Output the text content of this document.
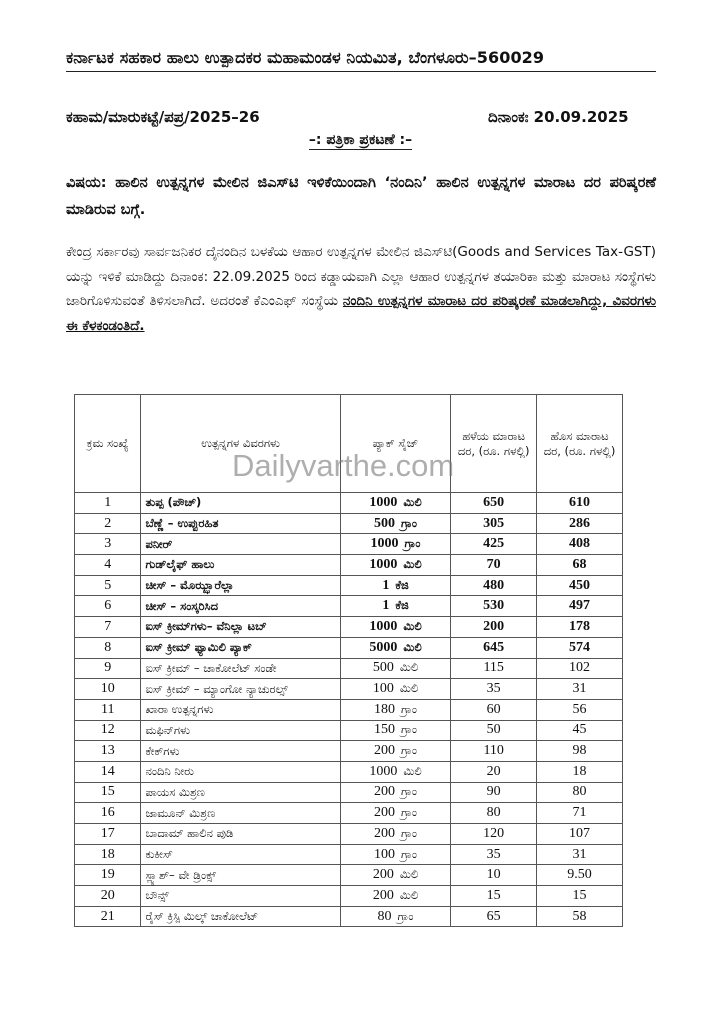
ಕರ್ನಾಟಕ ಸಹಕಾರ ಹಾಲು ಉತ್ಪಾದಕರ ಮಹಾಮಂಡಳ ನಿಯಮಿತ, ಬೆಂಗಳೂರು–560029
ಕಹಾಮ/ಮಾರುಕಟ್ಟೆ/ಪಪ್ರ/2025–26	ದಿನಾಂಕಃ 20.09.2025
–: ಪತ್ರಿಕಾ ಪ್ರಕಟಣೆ :–
ವಿಷಯ: ಹಾಲಿನ ಉತ್ಪನ್ನಗಳ ಮೇಲಿನ ಜಿಎಸ್‌ಟಿ ಇಳಿಕೆಯಿಂದಾಗಿ ‘ನಂದಿನಿ’ ಹಾಲಿನ ಉತ್ಪನ್ನಗಳ ಮಾರಾಟ ದರ ಪರಿಷ್ಕರಣೆ ಮಾಡಿರುವ ಬಗ್ಗೆ.
ಕೇಂದ್ರ ಸರ್ಕಾರವು ಸಾರ್ವಜನಿಕರ ದೈನಂದಿನ ಬಳಕೆಯ ಆಹಾರ ಉತ್ಪನ್ನಗಳ ಮೇಲಿನ ಜಿಎಸ್‌ಟಿ(Goods and Services Tax-GST) ಯನ್ನು ಇಳಿಕೆ ಮಾಡಿದ್ದು ದಿನಾಂಕ: 22.09.2025 ರಿಂದ ಕಡ್ಡಾಯವಾಗಿ ಎಲ್ಲಾ ಆಹಾರ ಉತ್ಪನ್ನಗಳ ತಯಾರಿಕಾ ಮತ್ತು ಮಾರಾಟ ಸಂಸ್ಥೆಗಳು ಜಾರಿಗೊಳಿಸುವಂತೆ ತಿಳಿಸಲಾಗಿದೆ. ಅದರಂತೆ ಕೆಎಂಎಫ್ ಸಂಸ್ಥೆಯ ನಂದಿನಿ ಉತ್ಪನ್ನಗಳ ಮಾರಾಟ ದರ ಪರಿಷ್ಕರಣೆ ಮಾಡಲಾಗಿದ್ದು, ವಿವರಗಳು ಈ ಕೆಳಕಂಡಂತಿದೆ.
ಕ್ರಮ ಸಂಖ್ಯೆ	ಉತ್ಪನ್ನಗಳ ವಿವರಗಳು	ಪ್ಯಾಕ್ ಸೈಜ್	ಹಳೆಯ ಮಾರಾಟ ದರ, (ರೂ. ಗಳಲ್ಲಿ)	ಹೊಸ ಮಾರಾಟ ದರ, (ರೂ. ಗಳಲ್ಲಿ)
1	ತುಪ್ಪ (ಪೌಚ್)	1000 ಮಿಲಿ	650	610
2	ಬೆಣ್ಣೆ – ಉಪ್ಪುರಹಿತ	500 ಗ್ರಾಂ	305	286
3	ಪನೀರ್	1000 ಗ್ರಾಂ	425	408
4	ಗುಡ್‌ಲೈಫ್ ಹಾಲು	1000 ಮಿಲಿ	70	68
5	ಚೀಸ್ – ಮೊಝ್ಝಾರೆಲ್ಲಾ	1 ಕೆಜಿ	480	450
6	ಚೀಸ್ – ಸಂಸ್ಕರಿಸಿದ	1 ಕೆಜಿ	530	497
7	ಐಸ್ ಕ್ರೀಮ್‌ಗಳು– ವೆನಿಲ್ಲಾ ಟಬ್	1000 ಮಿಲಿ	200	178
8	ಐಸ್ ಕ್ರೀಮ್ ಫ್ಯಾಮಿಲಿ ಪ್ಯಾಕ್	5000 ಮಿಲಿ	645	574
9	ಐಸ್ ಕ್ರೀಮ್ – ಚಾಕೋಲೆಟ್ ಸಂಡೇ	500 ಮಿಲಿ	115	102
10	ಐಸ್ ಕ್ರೀಮ್ – ಮ್ಯಾಂಗೋ ನ್ಯಾಚುರಲ್ಸ್	100 ಮಿಲಿ	35	31
11	ಖಾರಾ ಉತ್ಪನ್ನಗಳು	180 ಗ್ರಾಂ	60	56
12	ಮಫಿನ್‌ಗಳು	150 ಗ್ರಾಂ	50	45
13	ಕೇಕ್‌ಗಳು	200 ಗ್ರಾಂ	110	98
14	ನಂದಿನಿ ನೀರು	1000 ಮಿಲಿ	20	18
15	ಪಾಯಸ ಮಿಶ್ರಣ	200 ಗ್ರಾಂ	90	80
16	ಜಾಮೂನ್ ಮಿಶ್ರಣ	200 ಗ್ರಾಂ	80	71
17	ಬಾದಾಮ್ ಹಾಲಿನ ಪುಡಿ	200 ಗ್ರಾಂ	120	107
18	ಕುಕೀಸ್	100 ಗ್ರಾಂ	35	31
19	ಸ್ಲ್ಯಾಶ್– ವೇ ಡ್ರಿಂಕ್ಸ್	200 ಮಿಲಿ	10	9.50
20	ಬೌನ್ಸ್	200 ಮಿಲಿ	15	15
21	ರೈಸ್ ಕ್ರಿಸ್ಪಿ ಮಿಲ್ಕ್ ಚಾಕೋಲೆಟ್	80 ಗ್ರಾಂ	65	58
Dailyvarthe.com
